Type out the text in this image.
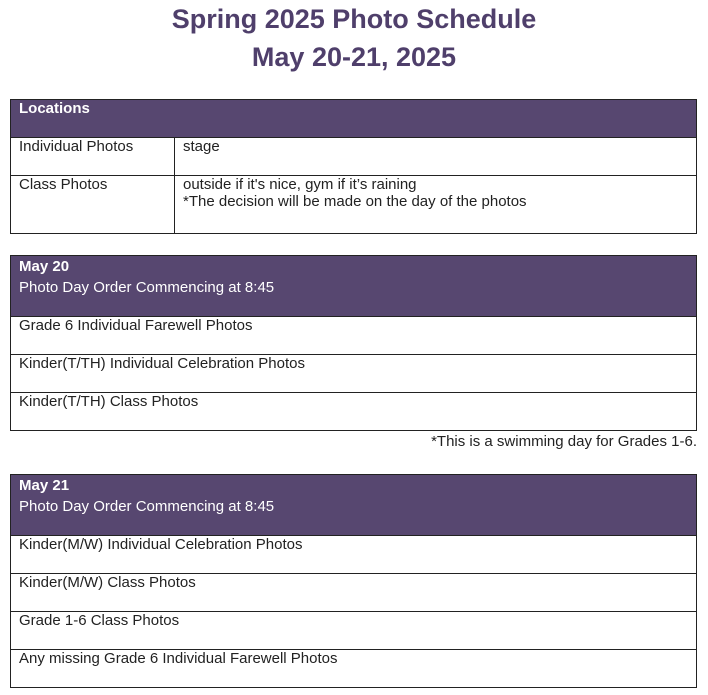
Spring 2025 Photo Schedule
May 20-21, 2025
Locations	
Individual Photos	stage
Class Photos	outside if it's nice, gym if it’s raining
*The decision will be made on the day of the photos
May 20
Photo Day Order Commencing at 8:45

Grade 6 Individual Farewell Photos
Kinder(T/TH) Individual Celebration Photos
Kinder(T/TH) Class Photos
*This is a swimming day for Grades 1-6.
May 21
Photo Day Order Commencing at 8:45

Kinder(M/W) Individual Celebration Photos
Kinder(M/W) Class Photos
Grade 1-6 Class Photos
Any missing Grade 6 Individual Farewell Photos
